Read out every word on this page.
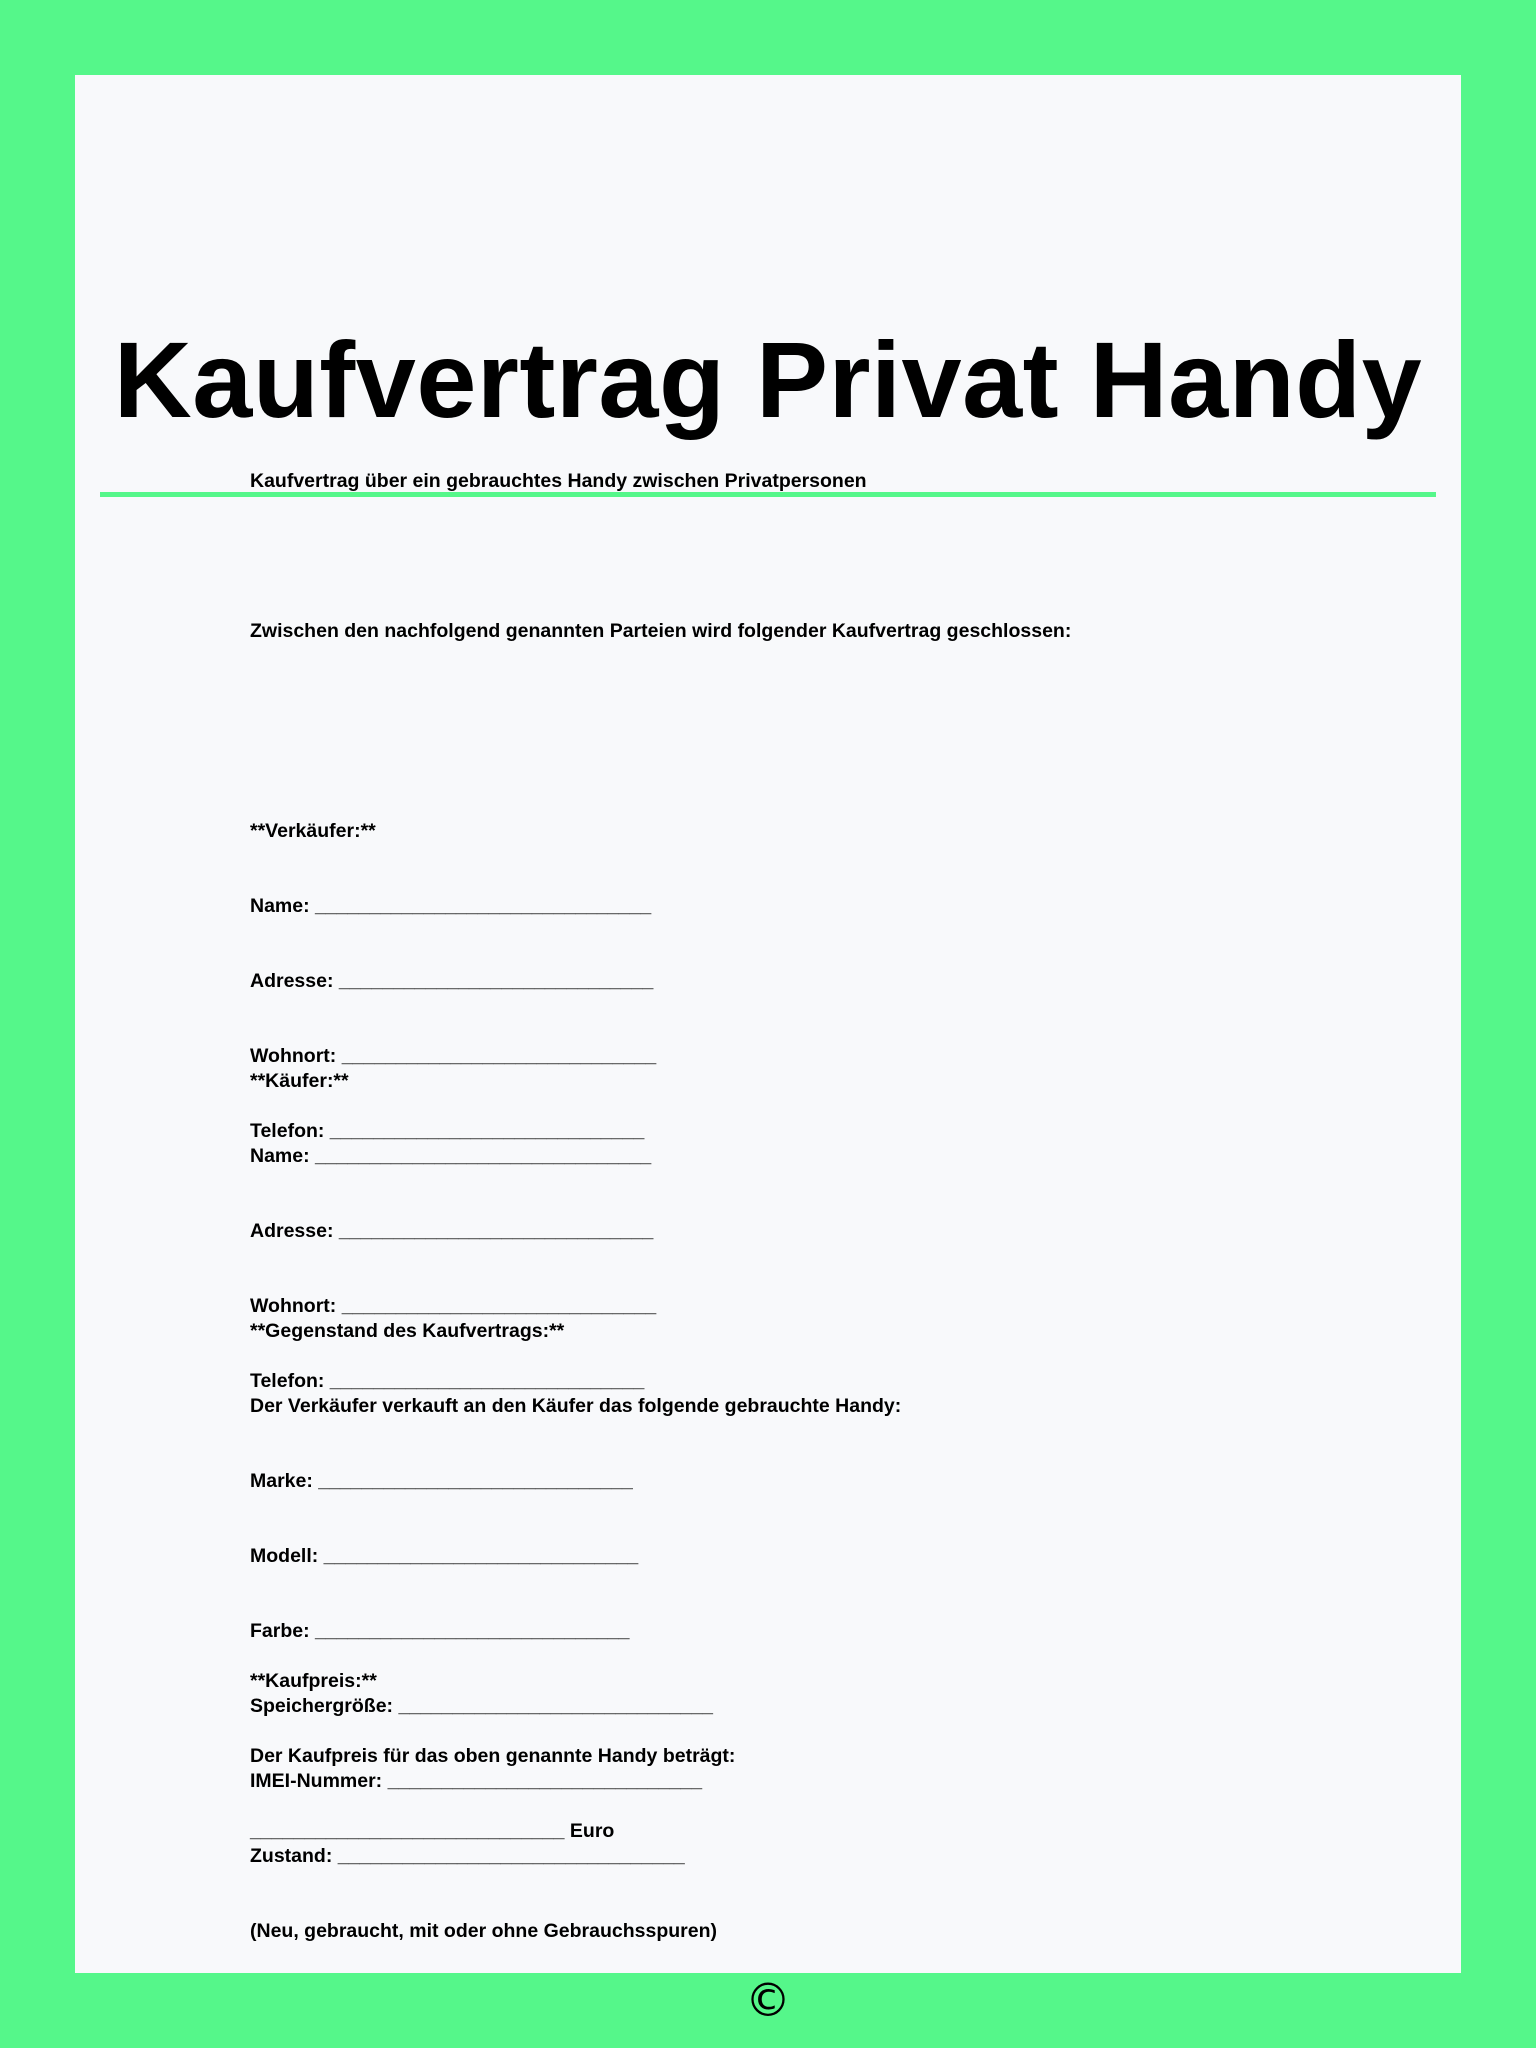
Kaufvertrag Privat Handy

Kaufvertrag über ein gebrauchtes Handy zwischen Privatpersonen

Zwischen den nachfolgend genannten Parteien wird folgender Kaufvertrag geschlossen:

**Verkäufer:**

Name: _______________________________

Adresse: _____________________________

Wohnort: _____________________________

Telefon: _____________________________

**Käufer:**

Name: _______________________________

Adresse: _____________________________

Wohnort: _____________________________

Telefon: _____________________________

**Gegenstand des Kaufvertrags:**

Der Verkäufer verkauft an den Käufer das folgende gebrauchte Handy:

Marke: _____________________________

Modell: _____________________________

Farbe: _____________________________

Speichergröße: _____________________________

IMEI-Nummer: _____________________________

Zustand: ________________________________

(Neu, gebraucht, mit oder ohne Gebrauchsspuren)

**Kaufpreis:**

Der Kaufpreis für das oben genannte Handy beträgt:

_____________________________ Euro

©
